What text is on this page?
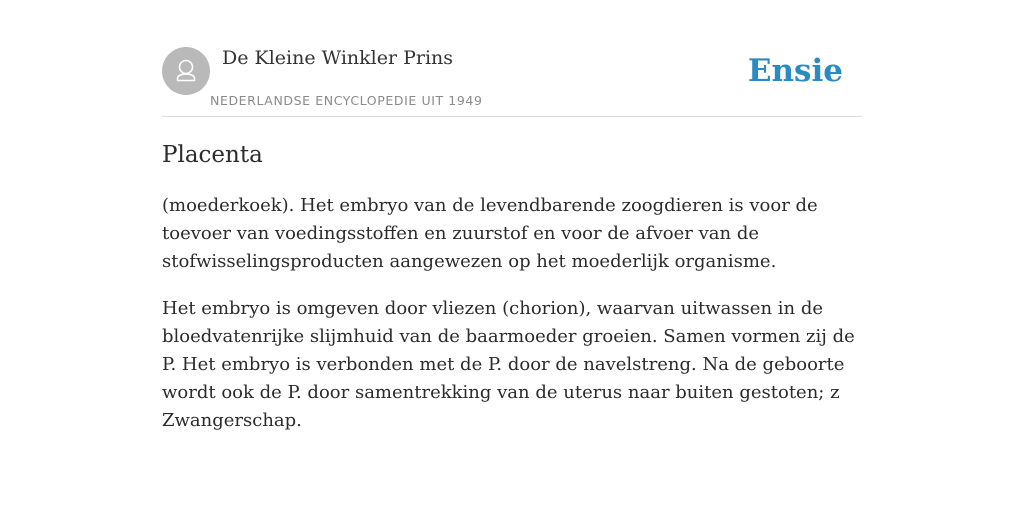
De Kleine Winkler Prins
NEDERLANDSE ENCYCLOPEDIE UIT 1949
Ensie
Placenta

(moederkoek). Het embryo van de levendbarende zoogdieren is voor de toevoer van voedingsstoffen en zuurstof en voor de afvoer van de stofwisselingsproducten aangewezen op het moederlijk organisme.

Het embryo is omgeven door vliezen (chorion), waarvan uitwassen in de bloedvatenrijke slijmhuid van de baarmoeder groeien. Samen vormen zij de P. Het embryo is verbonden met de P. door de navelstreng. Na de geboorte wordt ook de P. door samentrekking van de uterus naar buiten gestoten; z Zwangerschap.
